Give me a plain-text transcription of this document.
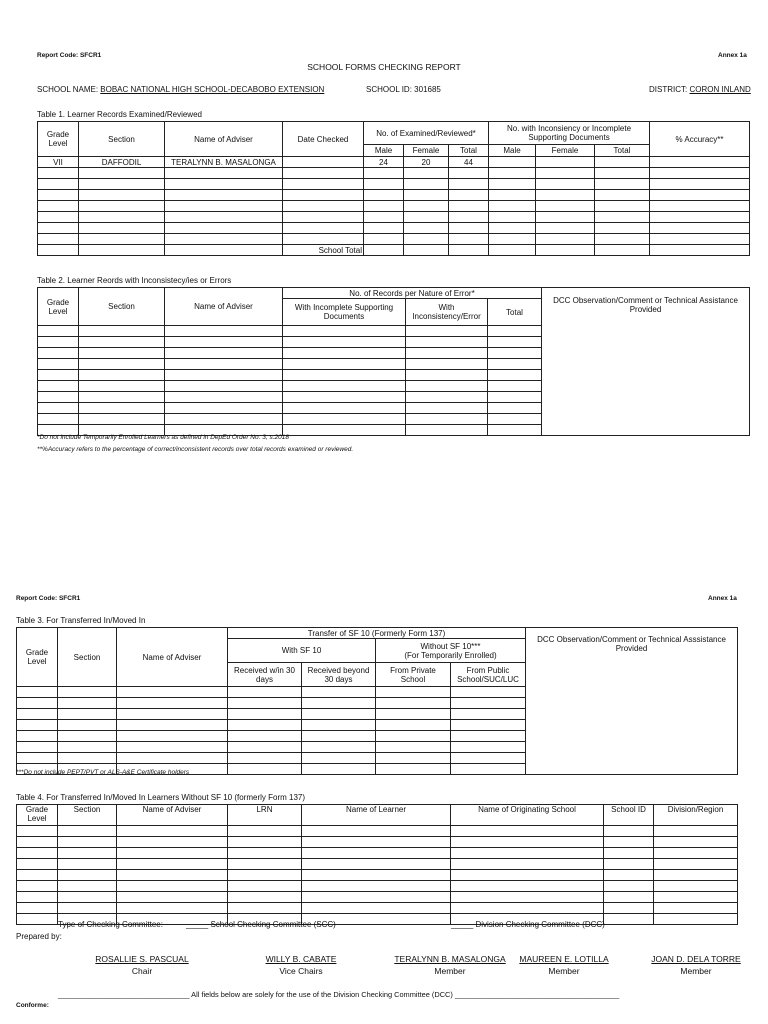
Report Code: SFCR1	Annex 1a
SCHOOL FORMS CHECKING REPORT
SCHOOL NAME: BOBAC NATIONAL HIGH SCHOOL-DECABOBO EXTENSION	SCHOOL ID: 301685	DISTRICT: CORON INLAND
Table 1. Learner Records Examined/Reviewed
Grade Level	Section	Name of Adviser	Date Checked	No. of Examined/Reviewed*			No. with Inconsiency or Incomplete Supporting Documents			% Accuracy**
				Male	Female	Total	Male	Female	Total	
VII	DAFFODIL	TERALYNN B. MASALONGA		24	20	44				

			School Total							
Table 2. Learner Reords with Inconsistecy/ies or Errors
Grade Level	Section	Name of Adviser	No. of Records per Nature of Error*			DCC Observation/Comment or Technical Assistance Provided

			With Incomplete Supporting Documents	With Inconsistency/Error	Total	

*Do not include Temporarily Enrolled Learners as defined in DepEd Order No. 3, s.2018
**%Accuracy refers to the percentage of correct/inconsistent records over total records examined or reviewed.
Report Code: SFCR1	Annex 1a
Table 3. For Transferred In/Moved In
Grade Level	Section	Name of Adviser	Transfer of SF 10 (Formerly Form 137)				DCC Observation/Comment or Technical Asssistance Provided

			With SF 10		Without SF 10***
(For Temporarily Enrolled)		

			Received w/in 30 days	Received beyond 30 days	From Private School	From Public School/SUC/LUC	

***Do not include PEPT/PVT or ALS-A&E Certificate holders
Table 4. For Transferred In/Moved In Learners Without SF 10 (formerly Form 137)
Grade Level	Section	Name of Adviser	LRN	Name of Learner	Name of Originating School	School ID	Division/Region

Type of Checking Committee:	_____ School Checking Committee (SCC)	_____ Division Checking Committee (DCC)
Prepared by:
ROSALLIE S. PASCUAL
Chair
WILLY B. CABATE
Vice Chairs
TERALYNN B. MASALONGA
Member
MAUREEN E. LOTILLA
Member
JOAN D. DELA TORRE
Member
________________________________ All fields below are solely for the use of the Division Checking Committee (DCC) ________________________________________
Conforme:
